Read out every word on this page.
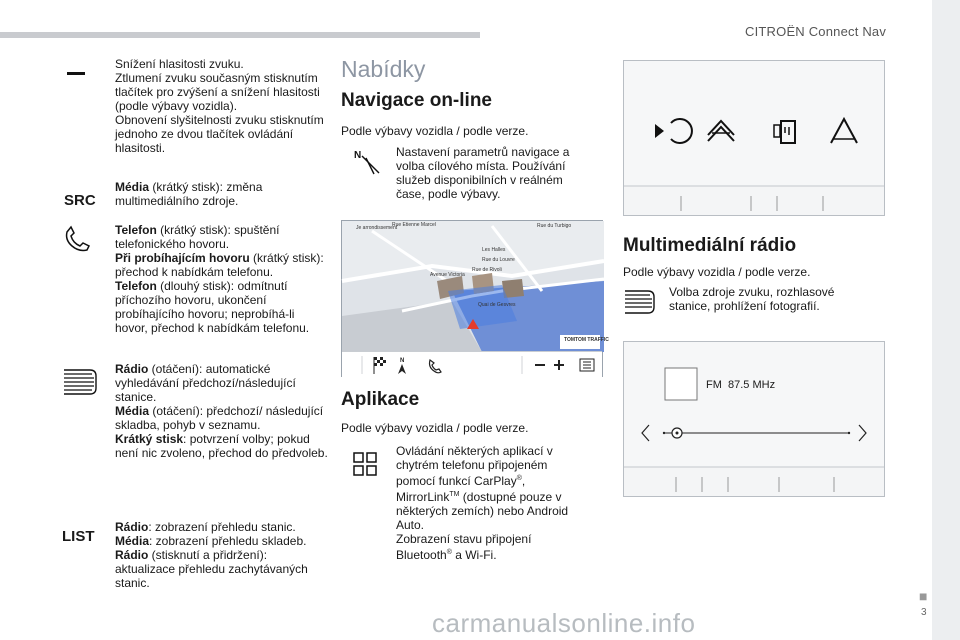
CITROËN Connect Nav
■
3
SRC
LIST

Snížení hlasitosti zvuku.

Ztlumení zvuku současným stisknutím tlačítek pro zvýšení a snížení hlasitosti (podle výbavy vozidla).

Obnovení slyšitelnosti zvuku stisknutím jednoho ze dvou tlačítek ovládání hlasitosti.

Média (krátký stisk): změna multimediálního zdroje.

Telefon (krátký stisk): spuštění telefonického hovoru.

Při probíhajícím hovoru (krátký stisk): přechod k nabídkám telefonu.

Telefon (dlouhý stisk): odmítnutí příchozího hovoru, ukončení probíhajícího hovoru; neprobíhá-li hovor, přechod k nabídkám telefonu.

Rádio (otáčení): automatické vyhledávání předchozí/následující stanice.

Média (otáčení): předchozí/ následující skladba, pohyb v seznamu.

Krátký stisk: potvrzení volby; pokud není nic zvoleno, přechod do předvoleb.

Rádio: zobrazení přehledu stanic.

Média: zobrazení přehledu skladeb.

Rádio (stisknutí a přidržení): aktualizace přehledu zachytávaných stanic.

Nabídky
Navigace on-line
Podle výbavy vozidla / podle verze.
N	Nastavení parametrů navigace a volba cílového místa. Používání služeb disponibilních v reálném čase, podle výbavy.
Je arrondissement
Rue Etienne Marcel	Rue du Turbigo
Les Halles
Rue du Louvre
Rue de Rivoli
Avenue Victoria
Quai de Gesvres
TOMTOM TRAFFIC
N
Aplikace
Podle výbavy vozidla / podle verze.
Ovládání některých aplikací v chytrém telefonu připojeném pomocí funkcí CarPlay®, MirrorLink™ (dostupné pouze v některých zemích) nebo Android Auto.
Zobrazení stavu připojení Bluetooth® a Wi-Fi.
Multimediální rádio
Podle výbavy vozidla / podle verze.
Volba zdroje zvuku, rozhlasové stanice, prohlížení fotografií.
FM  87.5 MHz
carmanualsonline.info
